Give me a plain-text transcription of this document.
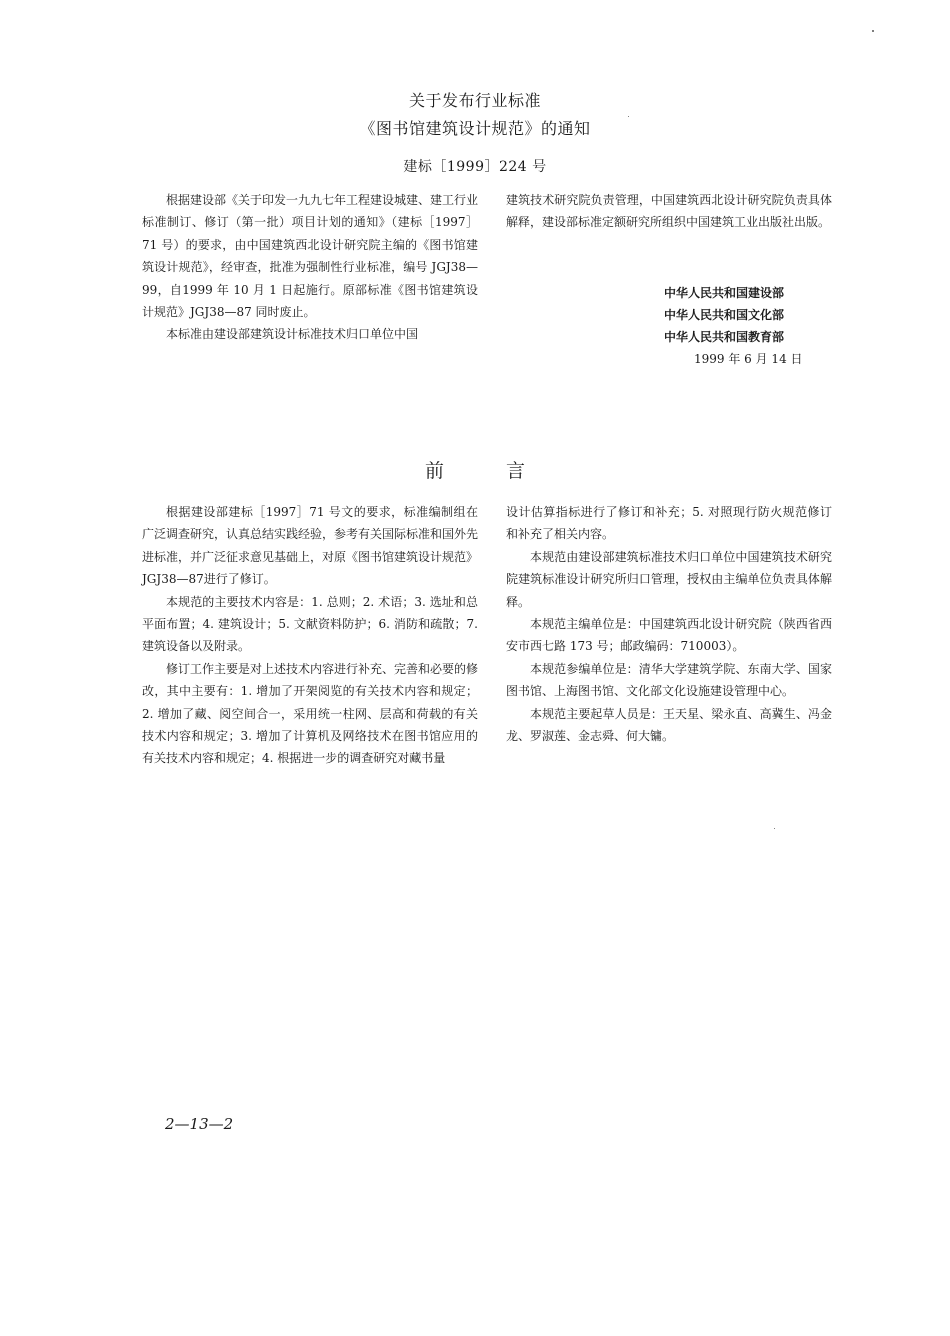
关于发布行业标准
《图书馆建筑设计规范》的通知
建标［1999］224 号

根据建设部《关于印发一九九七年工程建设城建、建工行业标准制订、修订（第一批）项目计划的通知》（建标［1997］71 号）的要求，由中国建筑西北设计研究院主编的《图书馆建筑设计规范》，经审查，批准为强制性行业标准，编号 JGJ38—99，自1999 年 10 月 1 日起施行。原部标准《图书馆建筑设计规范》JGJ38—87 同时废止。

本标准由建设部建筑设计标准技术归口单位中国

建筑技术研究院负责管理，中国建筑西北设计研究院负责具体解释，建设部标准定额研究所组织中国建筑工业出版社出版。

中华人民共和国建设部
中华人民共和国文化部
中华人民共和国教育部
1999 年 6 月 14 日
前	言

根据建设部建标［1997］71 号文的要求，标准编制组在广泛调查研究，认真总结实践经验，参考有关国际标准和国外先进标准，并广泛征求意见基础上，对原《图书馆建筑设计规范》JGJ38—87进行了修订。

本规范的主要技术内容是：1. 总则；2. 术语；3. 选址和总平面布置；4. 建筑设计；5. 文献资料防护；6. 消防和疏散；7. 建筑设备以及附录。

修订工作主要是对上述技术内容进行补充、完善和必要的修改，其中主要有：1. 增加了开架阅览的有关技术内容和规定；2. 增加了藏、阅空间合一，采用统一柱网、层高和荷载的有关技术内容和规定；3. 增加了计算机及网络技术在图书馆应用的有关技术内容和规定；4. 根据进一步的调查研究对藏书量

设计估算指标进行了修订和补充；5. 对照现行防火规范修订和补充了相关内容。

本规范由建设部建筑标准技术归口单位中国建筑技术研究院建筑标准设计研究所归口管理，授权由主编单位负责具体解释。

本规范主编单位是：中国建筑西北设计研究院（陕西省西安市西七路 173 号；邮政编码：710003）。

本规范参编单位是：清华大学建筑学院、东南大学、国家图书馆、上海图书馆、文化部文化设施建设管理中心。

本规范主要起草人员是：王天星、梁永直、高冀生、冯金龙、罗淑莲、金志舜、何大镛。

2—13—2
